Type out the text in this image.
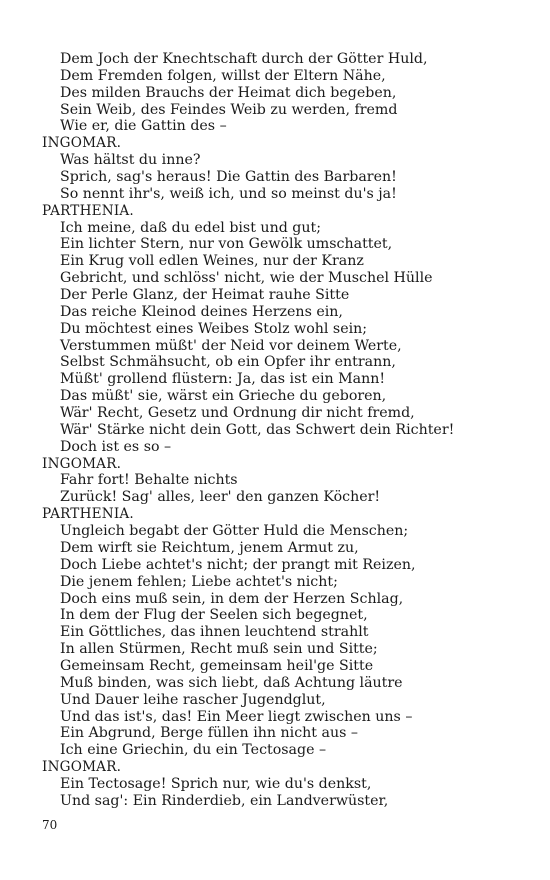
Dem Joch der Knechtschaft durch der Götter Huld,
Dem Fremden folgen, willst der Eltern Nähe,
Des milden Brauchs der Heimat dich begeben,
Sein Weib, des Feindes Weib zu werden, fremd
Wie er, die Gattin des –
INGOMAR.
Was hältst du inne?
Sprich, sag's heraus! Die Gattin des Barbaren!
So nennt ihr's, weiß ich, und so meinst du's ja!
PARTHENIA.
Ich meine, daß du edel bist und gut;
Ein lichter Stern, nur von Gewölk umschattet,
Ein Krug voll edlen Weines, nur der Kranz
Gebricht, und schlöss' nicht, wie der Muschel Hülle
Der Perle Glanz, der Heimat rauhe Sitte
Das reiche Kleinod deines Herzens ein,
Du möchtest eines Weibes Stolz wohl sein;
Verstummen müßt' der Neid vor deinem Werte,
Selbst Schmähsucht, ob ein Opfer ihr entrann,
Müßt' grollend flüstern: Ja, das ist ein Mann!
Das müßt' sie, wärst ein Grieche du geboren,
Wär' Recht, Gesetz und Ordnung dir nicht fremd,
Wär' Stärke nicht dein Gott, das Schwert dein Richter!
Doch ist es so –
INGOMAR.
Fahr fort! Behalte nichts
Zurück! Sag' alles, leer' den ganzen Köcher!
PARTHENIA.
Ungleich begabt der Götter Huld die Menschen;
Dem wirft sie Reichtum, jenem Armut zu,
Doch Liebe achtet's nicht; der prangt mit Reizen,
Die jenem fehlen; Liebe achtet's nicht;
Doch eins muß sein, in dem der Herzen Schlag,
In dem der Flug der Seelen sich begegnet,
Ein Göttliches, das ihnen leuchtend strahlt
In allen Stürmen, Recht muß sein und Sitte;
Gemeinsam Recht, gemeinsam heil'ge Sitte
Muß binden, was sich liebt, daß Achtung läutre
Und Dauer leihe rascher Jugendglut,
Und das ist's, das! Ein Meer liegt zwischen uns –
Ein Abgrund, Berge füllen ihn nicht aus –
Ich eine Griechin, du ein Tectosage –
INGOMAR.
Ein Tectosage! Sprich nur, wie du's denkst,
Und sag': Ein Rinderdieb, ein Landverwüster,
70
